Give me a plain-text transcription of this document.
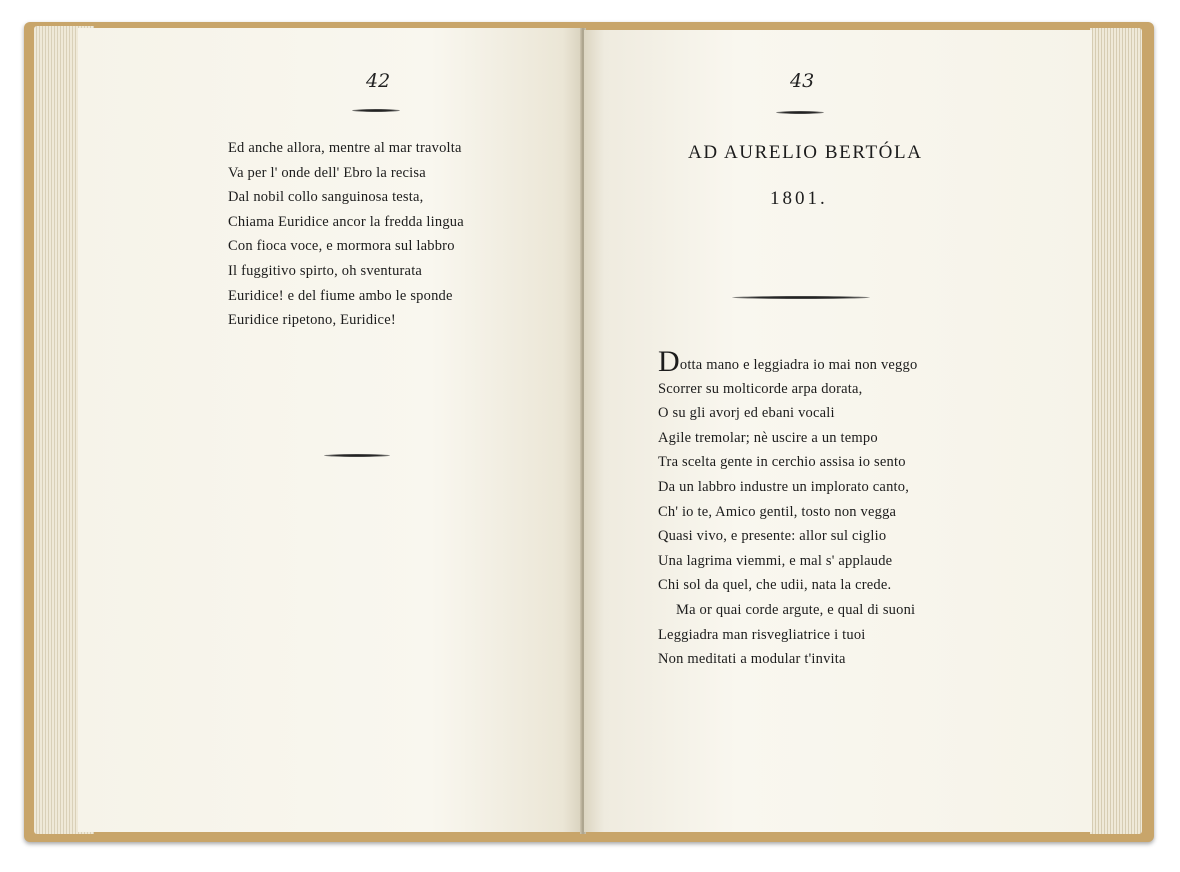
42
Ed anche allora, mentre al mar travolta
Va per l' onde dell' Ebro la recisa
Dal nobil collo sanguinosa testa,
Chiama Euridice ancor la fredda lingua
Con fioca voce, e mormora sul labbro
Il fuggitivo spirto, oh sventurata
Euridice! e del fiume ambo le sponde
Euridice ripetono, Euridice!
43
AD AURELIO BERTÓLA
1801.
Dotta mano e leggiadra io mai non veggo
Scorrer su molticorde arpa dorata,
O su gli avorj ed ebani vocali
Agile tremolar; nè uscire a un tempo
Tra scelta gente in cerchio assisa io sento
Da un labbro industre un implorato canto,
Ch' io te, Amico gentil, tosto non vegga
Quasi vivo, e presente: allor sul ciglio
Una lagrima viemmi, e mal s' applaude
Chi sol da quel, che udii, nata la crede.
Ma or quai corde argute, e qual di suoni
Leggiadra man risvegliatrice i tuoi
Non meditati a modular t'invita
